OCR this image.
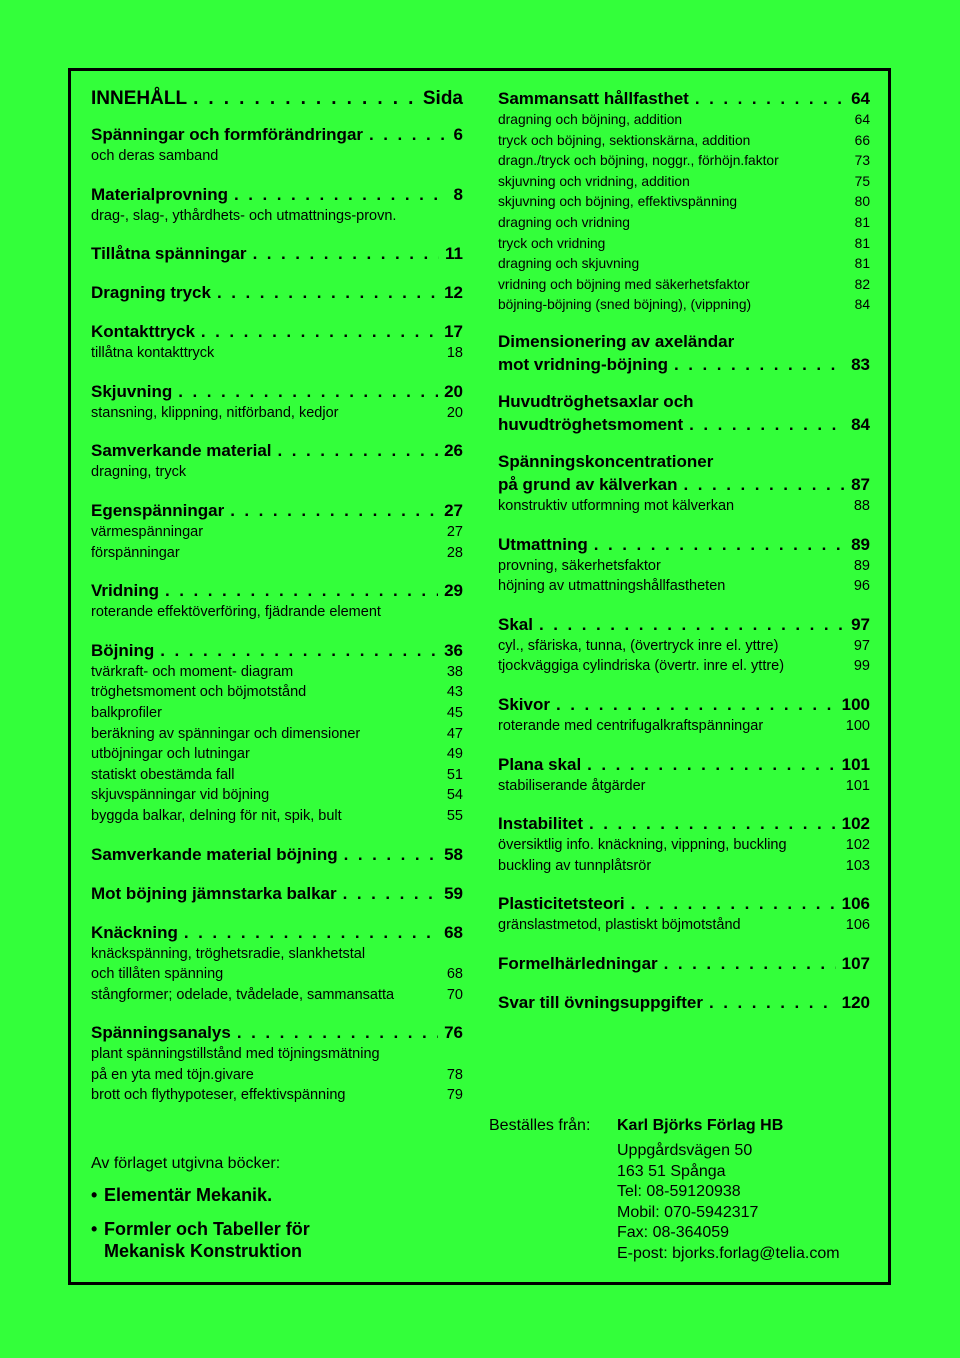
INNEHÅLL . . .	Sida
Spänningar och formförändringar . . .	6
och deras samband
Materialprovning . . .	8
drag-, slag-, ythårdhets- och utmattnings-provn.
Tillåtna spänningar . . .	11
Dragning tryck . . .	12
Kontakttryck . . .	17
tillåtna kontakttryck	18
Skjuvning . . .	20
stansning, klippning, nitförband, kedjor	20
Samverkande material . . .	26
dragning, tryck
Egenspänningar . . .	27
värmespänningar	27
förspänningar	28
Vridning . . .	29
roterande effektöverföring, fjädrande element
Böjning . . .	36
tvärkraft- och moment- diagram	38
tröghetsmoment och böjmotstånd	43
balkprofiler	45
beräkning av spänningar och dimensioner	47
utböjningar och lutningar	49
statiskt obestämda fall	51
skjuvspänningar vid böjning	54
byggda balkar, delning för nit, spik, bult	55
Samverkande material böjning . . .	58
Mot böjning jämnstarka balkar . . .	59
Knäckning . . .	68
knäckspänning, tröghetsradie, slankhetstal
och tillåten spänning	68
stångformer; odelade, tvådelade, sammansatta	70
Spänningsanalys . . .	76
plant spänningstillstånd med töjningsmätning
på en yta med töjn.givare	78
brott och flythypoteser, effektivspänning	79
Sammansatt hållfasthet . . .	64
dragning och böjning, addition	64
tryck och böjning, sektionskärna, addition	66
dragn./tryck och böjning, noggr., förhöjn.faktor	73
skjuvning och vridning, addition	75
skjuvning och böjning, effektivspänning	80
dragning och vridning	81
tryck och vridning	81
dragning och skjuvning	81
vridning och böjning med säkerhetsfaktor	82
böjning-böjning (sned böjning), (vippning)	84
Dimensionering av axeländar
mot vridning-böjning . . .	83
Huvudtröghetsaxlar och
huvudtröghetsmoment . . .	84
Spänningskoncentrationer
på grund av kälverkan . . .	87
konstruktiv utformning mot kälverkan	88
Utmattning . . .	89
provning, säkerhetsfaktor	89
höjning av utmattningshållfastheten	96
Skal . . .	97
cyl., sfäriska, tunna, (övertryck inre el. yttre)	97
tjockväggiga cylindriska (övertr. inre el. yttre)	99
Skivor . . .	100
roterande med centrifugalkraftspänningar	100
Plana skal . . .	101
stabiliserande åtgärder	101
Instabilitet . . .	102
översiktlig info. knäckning, vippning, buckling	102
buckling av tunnplåtsrör	103
Plasticitetsteori . . .	106
gränslastmetod, plastiskt böjmotstånd	106
Formelhärledningar . . .	107
Svar till övningsuppgifter . . .	120
Av förlaget utgivna böcker:
• Elementär Mekanik.
• Formler och Tabeller för
Mekanisk Konstruktion
Beställes från: Karl Björks Förlag HB
Uppgårdsvägen 50
163 51 Spånga
Tel: 08-59120938
Mobil: 070-5942317
Fax: 08-364059
E-post: bjorks.forlag@telia.com
